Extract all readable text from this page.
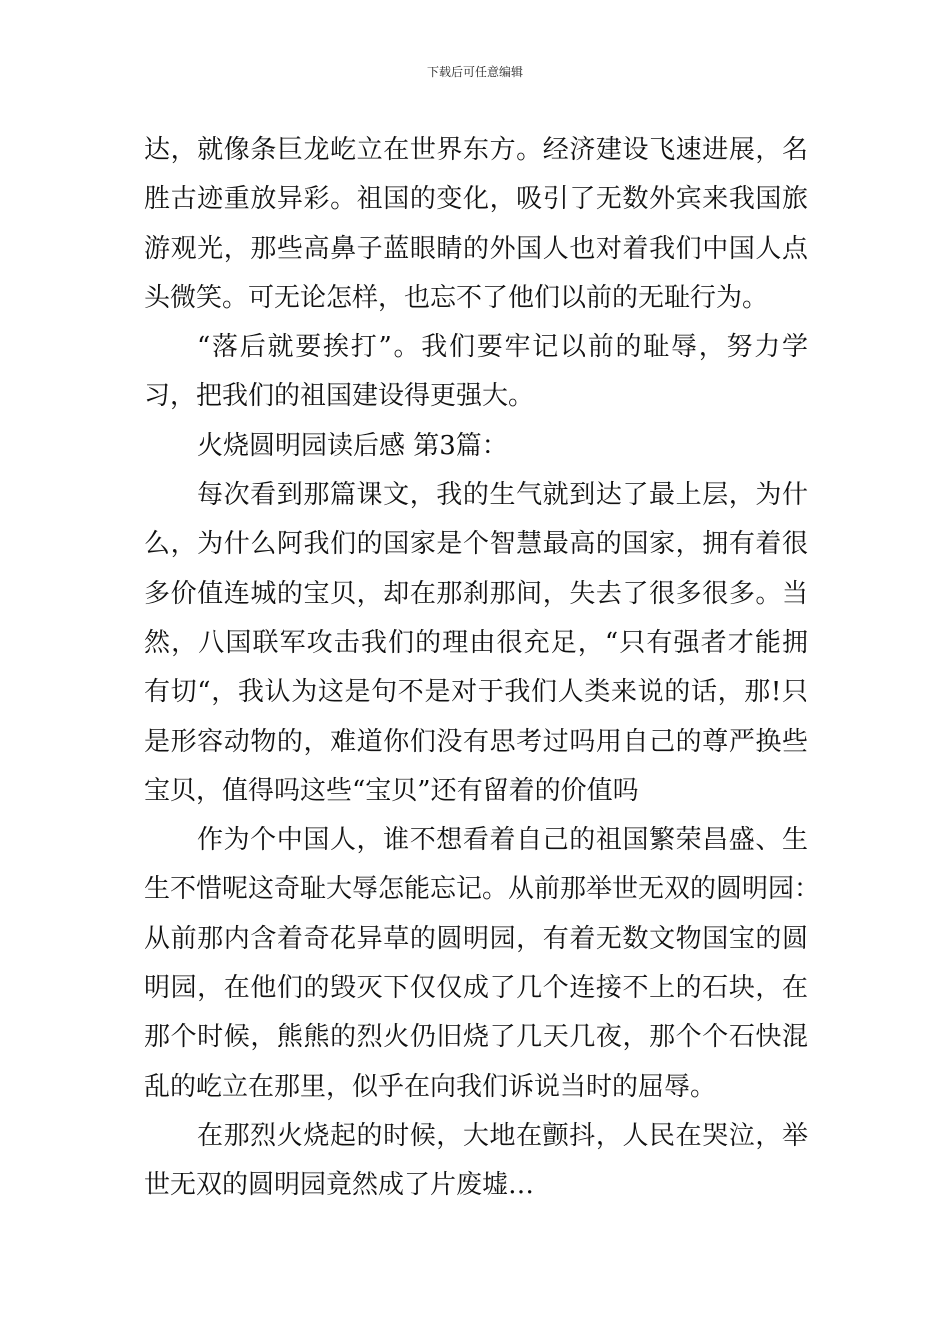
下载后可任意编辑
达，就像条巨龙屹立在世界东方。经济建设飞速进展，名
胜古迹重放异彩。祖国的变化，吸引了无数外宾来我国旅
游观光，那些高鼻子蓝眼睛的外国人也对着我们中国人点
头微笑。可无论怎样，也忘不了他们以前的无耻行为。
“落后就要挨打”。我们要牢记以前的耻辱，努力学
习，把我们的祖国建设得更强大。
火烧圆明园读后感 第3篇：
每次看到那篇课文，我的生气就到达了最上层，为什
么，为什么阿我们的国家是个智慧最高的国家，拥有着很
多价值连城的宝贝，却在那刹那间，失去了很多很多。当
然，八国联军攻击我们的理由很充足，“只有强者才能拥
有切“，我认为这是句不是对于我们人类来说的话，那!只
是形容动物的，难道你们没有思考过吗用自己的尊严换些
宝贝，值得吗这些“宝贝”还有留着的价值吗
作为个中国人，谁不想看着自己的祖国繁荣昌盛、生
生不惜呢这奇耻大辱怎能忘记。从前那举世无双的圆明园：
从前那内含着奇花异草的圆明园，有着无数文物国宝的圆
明园，在他们的毁灭下仅仅成了几个连接不上的石块，在
那个时候，熊熊的烈火仍旧烧了几天几夜，那个个石快混
乱的屹立在那里，似乎在向我们诉说当时的屈辱。
在那烈火烧起的时候，大地在颤抖，人民在哭泣，举
世无双的圆明园竟然成了片废墟…
